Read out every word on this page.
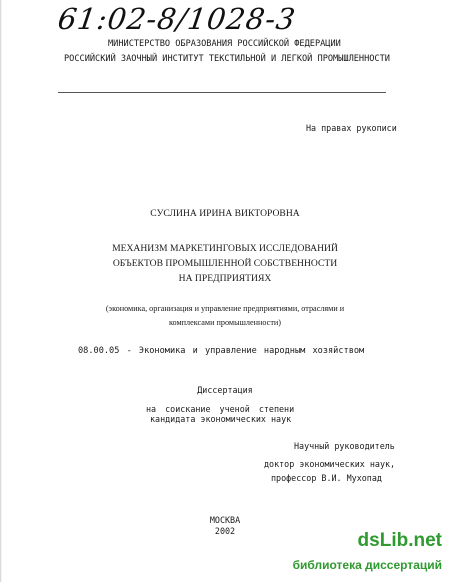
61:02-8/1028-3
МИНИСТЕРСТВО ОБРАЗОВАНИЯ РОССИЙСКОЙ ФЕДЕРАЦИИ
РОССИЙСКИЙ ЗАОЧНЫЙ ИНСТИТУТ ТЕКСТИЛЬНОЙ И ЛЕГКОЙ ПРОМЫШЛЕННОСТИ
На правах рукописи
СУСЛИНА ИРИНА ВИКТОРОВНА
МЕХАНИЗМ МАРКЕТИНГОВЫХ ИССЛЕДОВАНИЙ
ОБЪЕКТОВ ПРОМЫШЛЕННОЙ СОБСТВЕННОСТИ
НА ПРЕДПРИЯТИЯХ
(экономика, организация и управление предприятиями, отраслями и
комплексами промышленности)
08.00.05 - Экономика и управление народным хозяйством
Диссертация
на соискание ученой степени
кандидата экономических наук
Научный руководитель
доктор экономических наук,
профессор В.И. Мухопад
МОСКВА
2002	dsLib.net
библиотека диссертаций
